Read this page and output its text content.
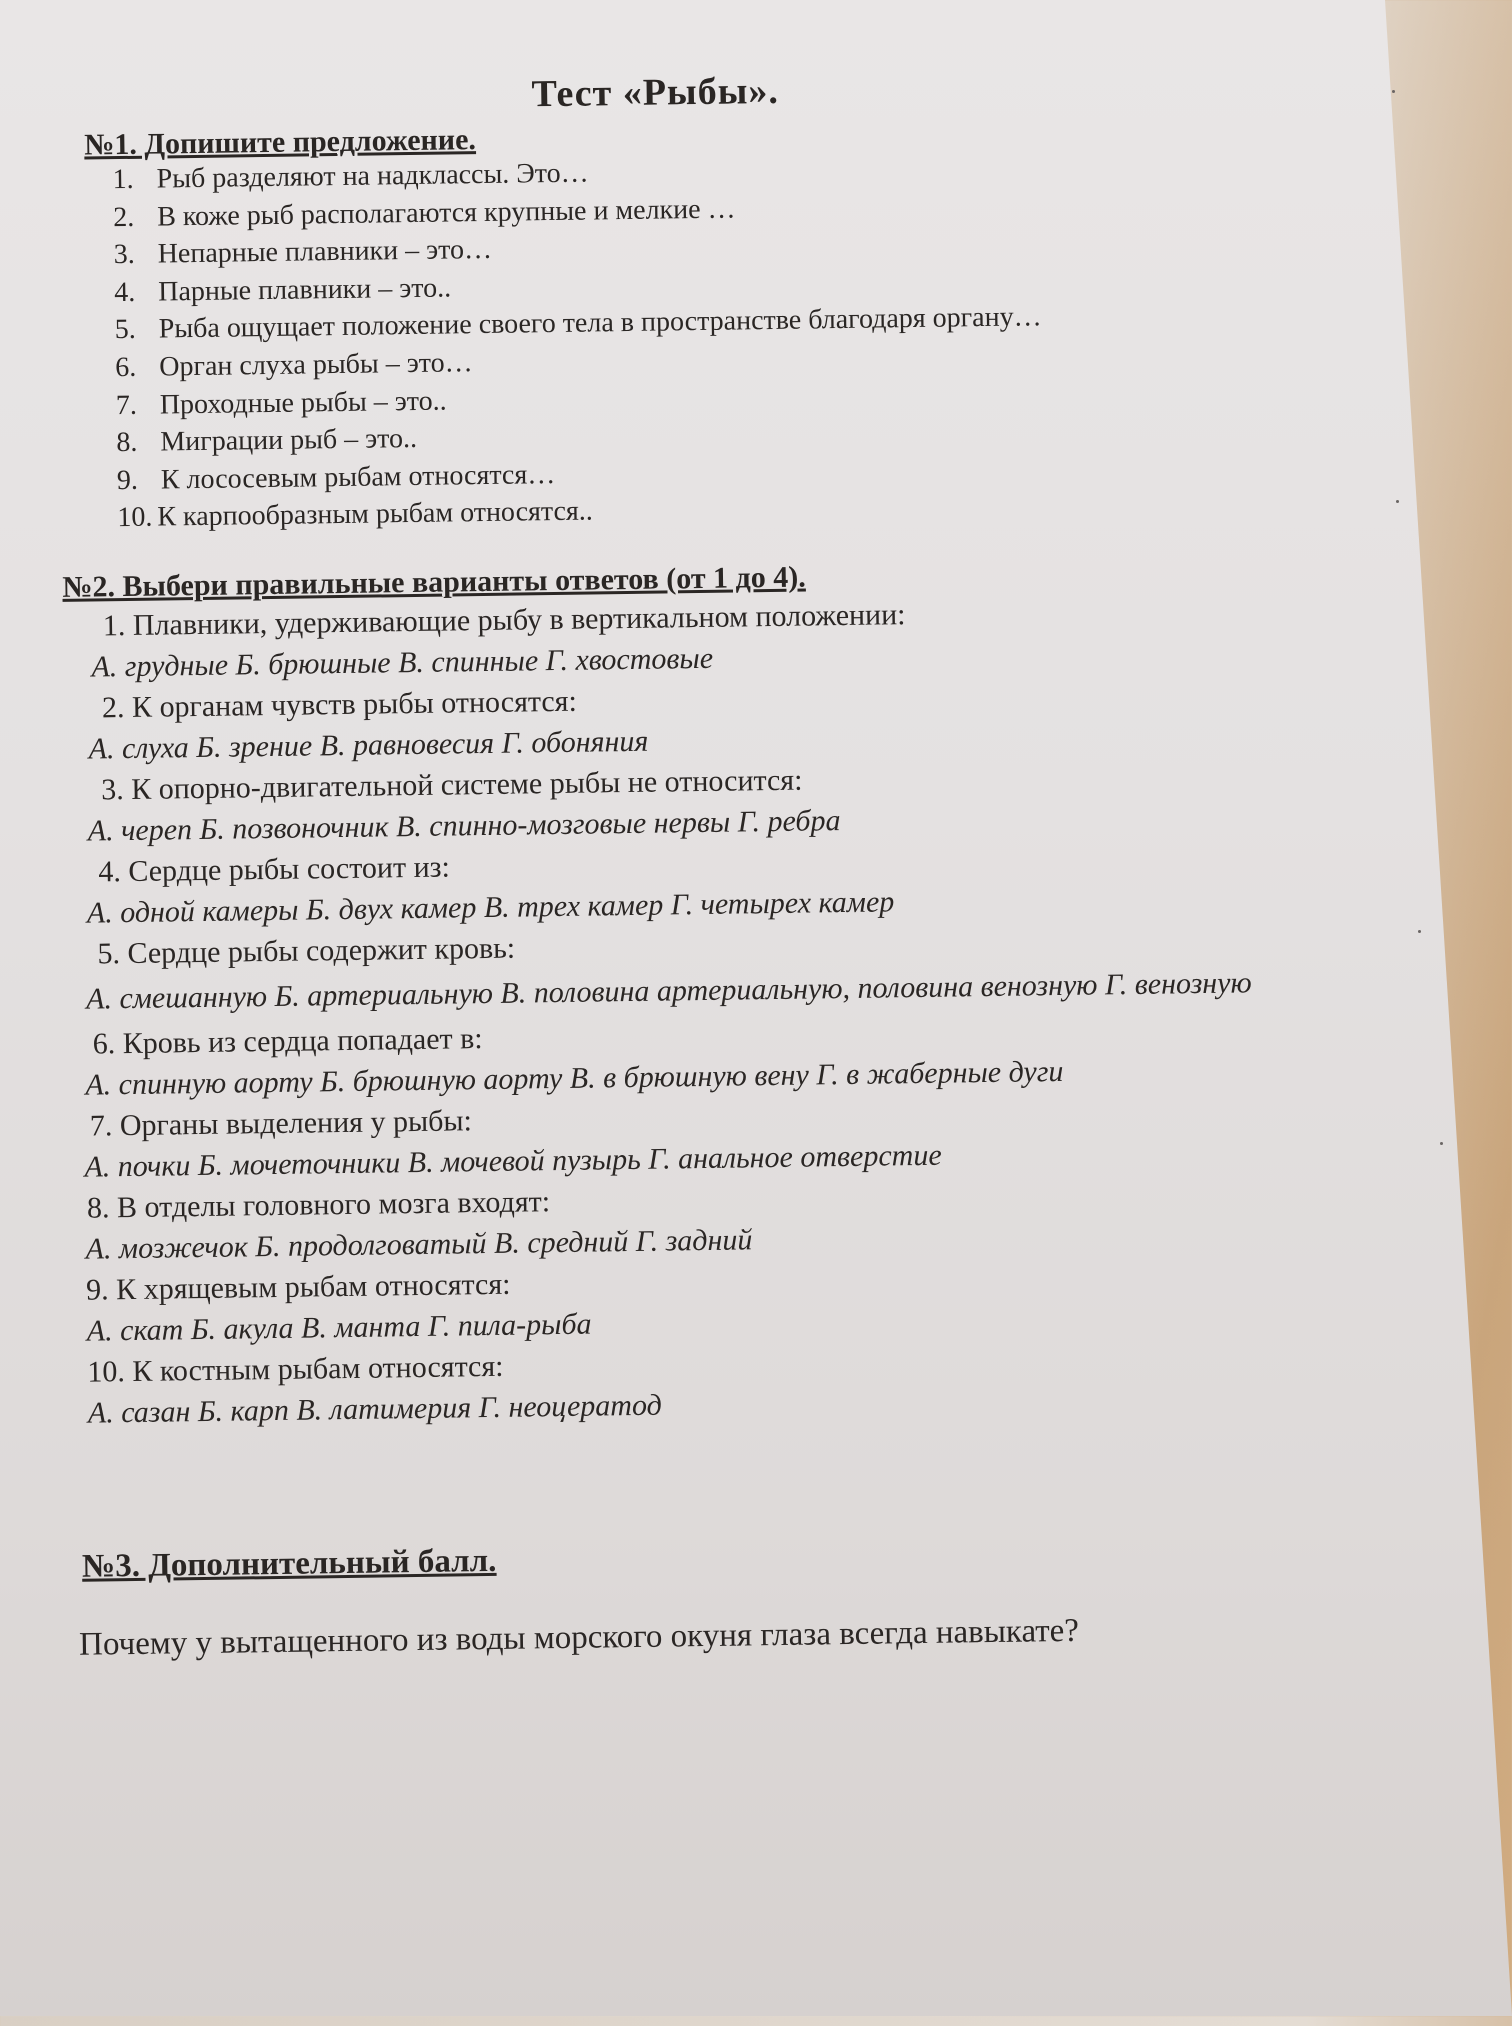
Тест «Рыбы».
№1. Допишите предложение.
1. Рыб разделяют на надклассы. Это…
2. В коже рыб располагаются крупные и мелкие …
3. Непарные плавники – это…
4. Парные плавники – это..
5. Рыба ощущает положение своего тела в пространстве благодаря органу…
6. Орган слуха рыбы – это…
7. Проходные рыбы – это..
8. Миграции рыб – это..
9. К лососевым рыбам относятся…
10. К карпообразным рыбам относятся..
№2. Выбери правильные варианты ответов (от 1 до 4).
1. Плавники, удерживающие рыбу в вертикальном положении:
А. грудные Б. брюшные В. спинные Г. хвостовые
2. К органам чувств рыбы относятся:
А. слуха Б. зрение В. равновесия Г. обоняния
3. К опорно-двигательной системе рыбы не относится:
А. череп Б. позвоночник В. спинно-мозговые нервы Г. ребра
4. Сердце рыбы состоит из:
А. одной камеры Б. двух камер В. трех камер Г. четырех камер
5. Сердце рыбы содержит кровь:
А. смешанную Б. артериальную В. половина артериальную, половина венозную Г. венозную
6. Кровь из сердца попадает в:
А. спинную аорту Б. брюшную аорту В. в брюшную вену Г. в жаберные дуги
7. Органы выделения у рыбы:
А. почки Б. мочеточники В. мочевой пузырь Г. анальное отверстие
8. В отделы головного мозга входят:
А. мозжечок Б. продолговатый В. средний Г. задний
9. К хрящевым рыбам относятся:
А. скат Б. акула В. манта Г. пила-рыба
10. К костным рыбам относятся:
А. сазан Б. карп В. латимерия Г. неоцератод
№3. Дополнительный балл.
Почему у вытащенного из воды морского окуня глаза всегда навыкате?
